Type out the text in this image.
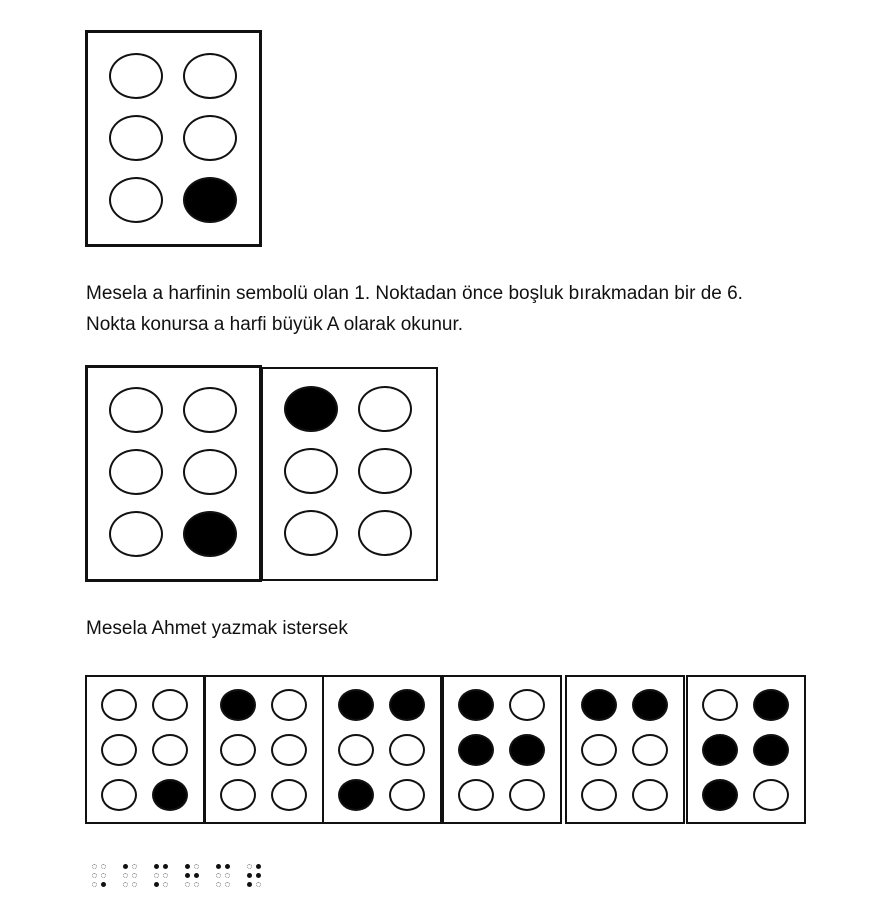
Mesela a harfinin sembolü olan 1. Noktadan önce boşluk bırakmadan bir de 6.
Nokta konursa a harfi büyük A olarak okunur.
Mesela Ahmet yazmak istersek
